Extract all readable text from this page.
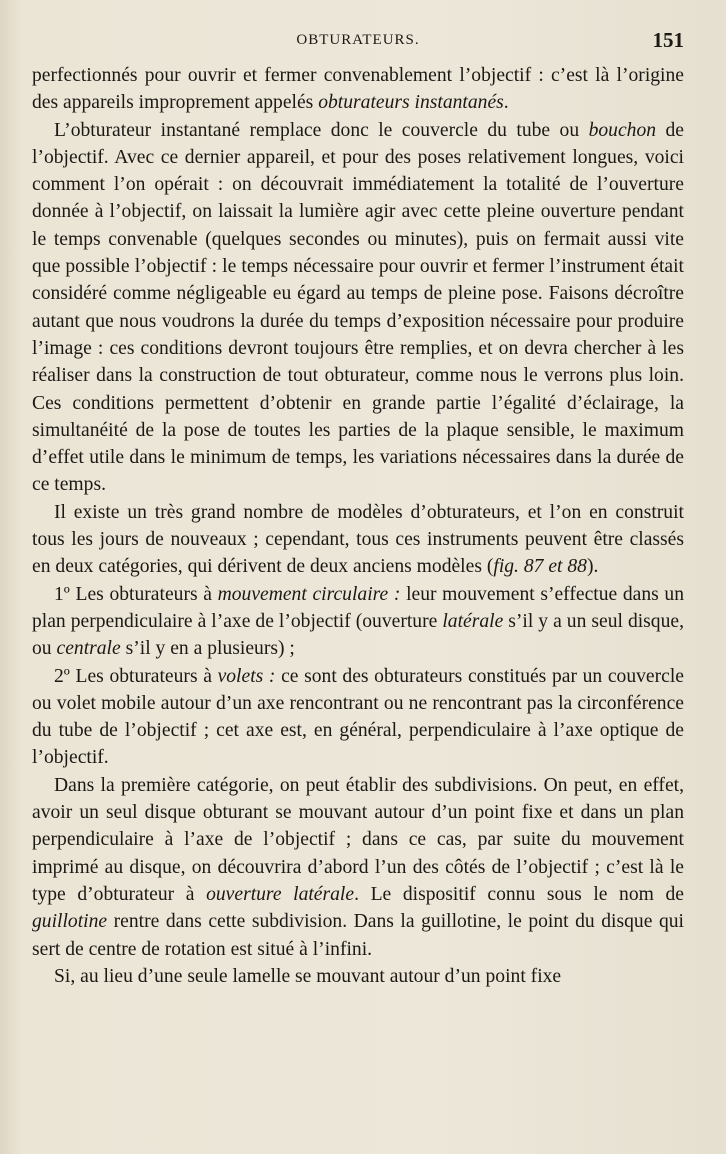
OBTURATEURS.	151

perfectionnés pour ouvrir et fermer convenablement l’objectif : c’est là l’origine des appareils improprement appelés obturateurs instantanés.

L’obturateur instantané remplace donc le couvercle du tube ou bouchon de l’objectif. Avec ce dernier appareil, et pour des poses relativement longues, voici comment l’on opérait : on découvrait immédiatement la totalité de l’ouverture donnée à l’objectif, on laissait la lumière agir avec cette pleine ouverture pendant le temps convenable (quelques secondes ou minutes), puis on fermait aussi vite que possible l’objectif : le temps nécessaire pour ouvrir et fermer l’instrument était considéré comme négligeable eu égard au temps de pleine pose. Faisons décroître autant que nous voudrons la durée du temps d’exposition nécessaire pour produire l’image : ces conditions devront toujours être remplies, et on devra chercher à les réaliser dans la construction de tout obturateur, comme nous le verrons plus loin. Ces conditions permettent d’obtenir en grande partie l’égalité d’éclairage, la simultanéité de la pose de toutes les parties de la plaque sensible, le maximum d’effet utile dans le minimum de temps, les variations nécessaires dans la durée de ce temps.

Il existe un très grand nombre de modèles d’obturateurs, et l’on en construit tous les jours de nouveaux ; cependant, tous ces instruments peuvent être classés en deux catégories, qui dérivent de deux anciens modèles (fig. 87 et 88).

1º Les obturateurs à mouvement circulaire : leur mouvement s’effectue dans un plan perpendiculaire à l’axe de l’objectif (ouverture latérale s’il y a un seul disque, ou centrale s’il y en a plusieurs) ;

2º Les obturateurs à volets : ce sont des obturateurs constitués par un couvercle ou volet mobile autour d’un axe rencontrant ou ne rencontrant pas la circonférence du tube de l’objectif ; cet axe est, en général, perpendiculaire à l’axe optique de l’objectif.

Dans la première catégorie, on peut établir des subdivisions. On peut, en effet, avoir un seul disque obturant se mouvant autour d’un point fixe et dans un plan perpendiculaire à l’axe de l’objectif ; dans ce cas, par suite du mouvement imprimé au disque, on découvrira d’abord l’un des côtés de l’objectif ; c’est là le type d’obturateur à ouverture latérale. Le dispositif connu sous le nom de guillotine rentre dans cette subdivision. Dans la guillotine, le point du disque qui sert de centre de rotation est situé à l’infini.

Si, au lieu d’une seule lamelle se mouvant autour d’un point fixe
